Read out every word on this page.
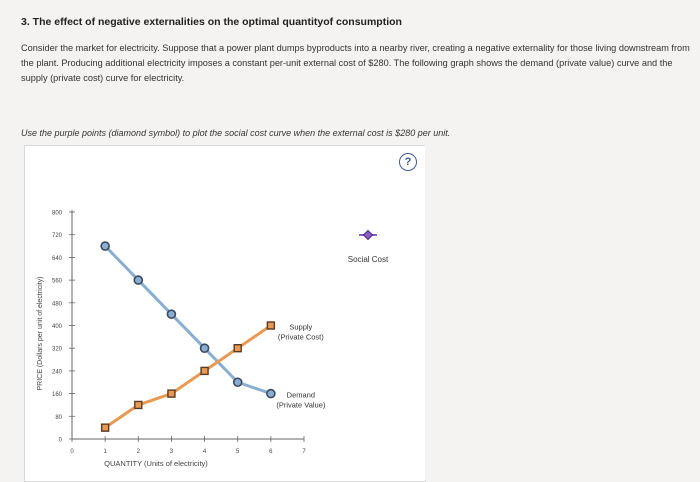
3. The effect of negative externalities on the optimal quantityof consumption
Consider the market for electricity. Suppose that a power plant dumps byproducts into a nearby river, creating a negative externality for those living downstream from the plant. Producing additional electricity imposes a constant per-unit external cost of $280. The following graph shows the demand (private value) curve and the supply (private cost) curve for electricity.
Use the purple points (diamond symbol) to plot the social cost curve when the external cost is $280 per unit.
?
0
80
160
240
320
400
480
560
640
720
800
0	1	2	3	4	5	6	7
QUANTITY (Units of electricity)
PRICE (Dollars per unit of electricity)
Demand
(Private Value)
Supply
(Private Cost)
Social Cost
